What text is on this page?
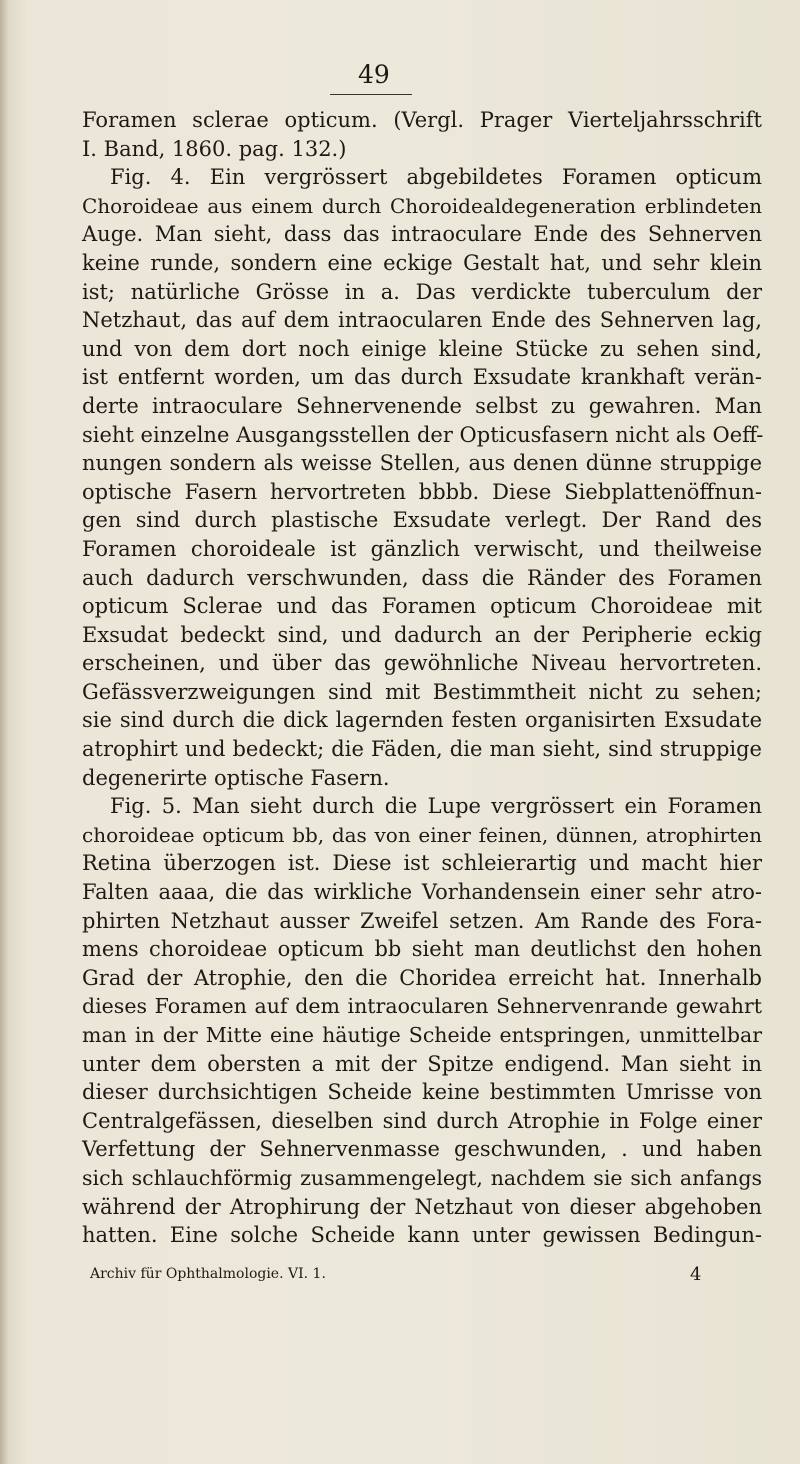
49
Foramen sclerae opticum. (Vergl. Prager Vierteljahrsschrift
I. Band, 1860. pag. 132.)
Fig. 4. Ein vergrössert abgebildetes Foramen opticum
Choroideae aus einem durch Choroidealdegeneration erblindeten
Auge. Man sieht, dass das intraoculare Ende des Sehnerven
keine runde, sondern eine eckige Gestalt hat, und sehr klein
ist; natürliche Grösse in a. Das verdickte tuberculum der
Netzhaut, das auf dem intraocularen Ende des Sehnerven lag,
und von dem dort noch einige kleine Stücke zu sehen sind,
ist entfernt worden, um das durch Exsudate krankhaft verän-
derte intraoculare Sehnervenende selbst zu gewahren. Man
sieht einzelne Ausgangsstellen der Opticusfasern nicht als Oeff-
nungen sondern als weisse Stellen, aus denen dünne struppige
optische Fasern hervortreten bbbb. Diese Siebplattenöffnun-
gen sind durch plastische Exsudate verlegt. Der Rand des
Foramen choroideale ist gänzlich verwischt, und theilweise
auch dadurch verschwunden, dass die Ränder des Foramen
opticum Sclerae und das Foramen opticum Choroideae mit
Exsudat bedeckt sind, und dadurch an der Peripherie eckig
erscheinen, und über das gewöhnliche Niveau hervortreten.
Gefässverzweigungen sind mit Bestimmtheit nicht zu sehen;
sie sind durch die dick lagernden festen organisirten Exsudate
atrophirt und bedeckt; die Fäden, die man sieht, sind struppige
degenerirte optische Fasern.
Fig. 5. Man sieht durch die Lupe vergrössert ein Foramen
choroideae opticum bb, das von einer feinen, dünnen, atrophirten
Retina überzogen ist. Diese ist schleierartig und macht hier
Falten aaaa, die das wirkliche Vorhandensein einer sehr atro-
phirten Netzhaut ausser Zweifel setzen. Am Rande des Fora-
mens choroideae opticum bb sieht man deutlichst den hohen
Grad der Atrophie, den die Choridea erreicht hat. Innerhalb
dieses Foramen auf dem intraocularen Sehnervenrande gewahrt
man in der Mitte eine häutige Scheide entspringen, unmittelbar
unter dem obersten a mit der Spitze endigend. Man sieht in
dieser durchsichtigen Scheide keine bestimmten Umrisse von
Centralgefässen, dieselben sind durch Atrophie in Folge einer
Verfettung der Sehnervenmasse geschwunden, . und haben
sich schlauchförmig zusammengelegt, nachdem sie sich anfangs
während der Atrophirung der Netzhaut von dieser abgehoben
hatten. Eine solche Scheide kann unter gewissen Bedingun-
Archiv für Ophthalmologie. VI. 1.	4
